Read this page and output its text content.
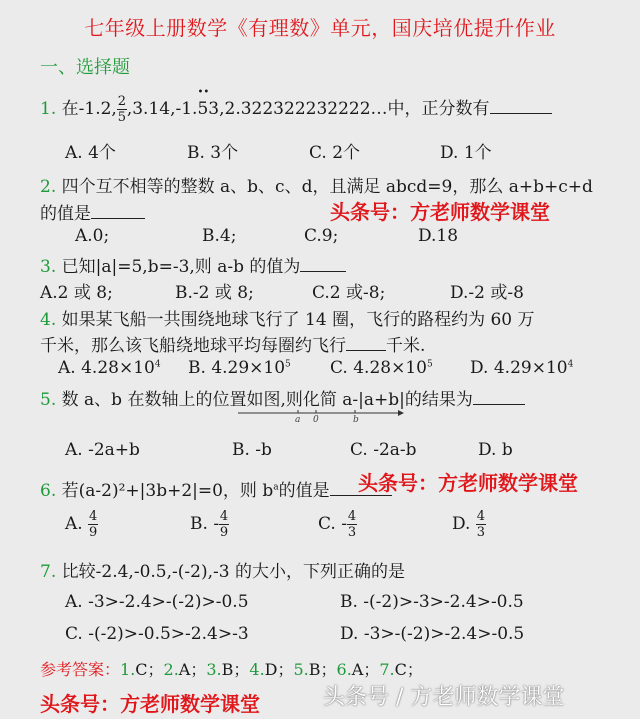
七年级上册数学《有理数》单元，国庆培优提升作业
一、选择题
1. 在-1.2, $\frac{2}{5} ,3.14$,
••
-1.53,2.322322232222…中，正分数有
A. 4个	B. 3个	C. 2个	D. 1个
2. 四个互不相等的整数 a、b、c、d，且满足 abcd=9，那么 a+b+c+d
的值是	头条号：方老师数学课堂
A.0;	B.4;	C.9;	D.18
3. 已知|a|=5,b=-3,则 a-b 的值为
A.2 或 8;	B.-2 或 8;	C.2 或-8;	D.-2 或-8
4. 如果某飞船一共围绕地球飞行了 14 圈，飞行的路程约为 60 万
千米，那么该飞船绕地球平均每圈约飞行 千米.
A. $4.28\times 10^4$ B. $4.29\times 10^5$ C. $4.28\times 10^5$ D. $4.29\times 10^4$
5. 数 a、b 在数轴上的位置如图,则化简 a-|a+b|的结果为
a 0	b
A. -2a+b	B. -b	C. -2a-b	D. b
6. 若(a-2)²+|3b+2|=0，则 $b^a$的值是	头条号：方老师数学课堂
A. $\frac{4}{9}$	B. - $\frac{4}{9}$	C. - $\frac{4}{3}$	D. $\frac{4}{3}$
7. 比较-2.4,-0.5,-(-2),-3 的大小，下列正确的是
A. -3>-2.4>-(-2)>-0.5	B. -(-2)>-3>-2.4>-0.5
C. -(-2)>-0.5>-2.4>-3	D. -3>-(-2)>-2.4>-0.5
参考答案：1.C；2.A；3.B；4.D；5.B；6.A；7.C；
头条号：方老师数学课堂	头条号 / 方老师数学课堂
